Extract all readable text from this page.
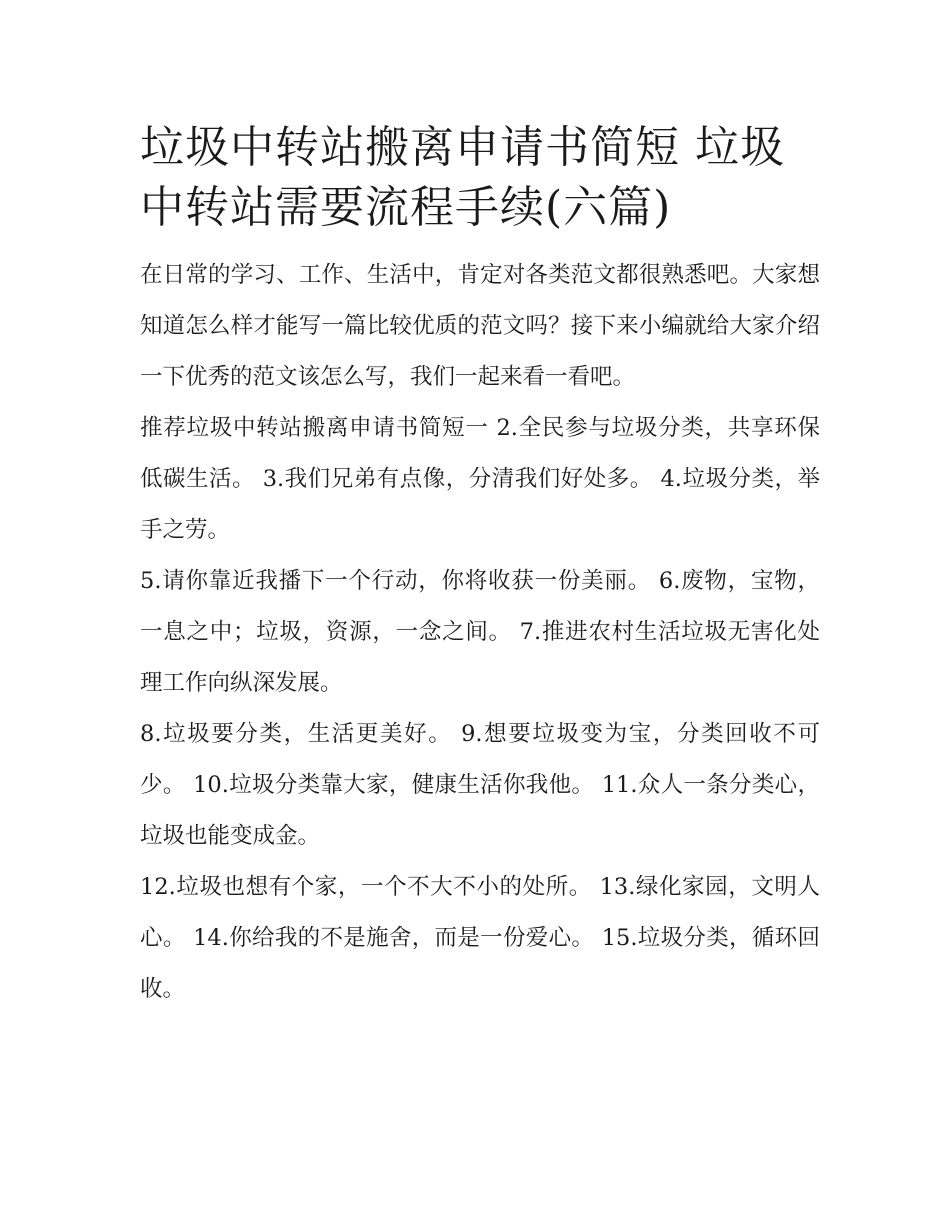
垃圾中转站搬离申请书简短 垃圾中转站需要流程手续(六篇)

在日常的学习、工作、生活中，肯定对各类范文都很熟悉吧。大家想知道怎么样才能写一篇比较优质的范文吗？接下来小编就给大家介绍一下优秀的范文该怎么写，我们一起来看一看吧。

推荐垃圾中转站搬离申请书简短一 2.全民参与垃圾分类，共享环保低碳生活。 3.我们兄弟有点像，分清我们好处多。 4.垃圾分类，举手之劳。

5.请你靠近我播下一个行动，你将收获一份美丽。 6.废物，宝物，一息之中；垃圾，资源，一念之间。 7.推进农村生活垃圾无害化处理工作向纵深发展。

8.垃圾要分类，生活更美好。 9.想要垃圾变为宝，分类回收不可少。 10.垃圾分类靠大家，健康生活你我他。 11.众人一条分类心，垃圾也能变成金。

12.垃圾也想有个家，一个不大不小的处所。 13.绿化家园，文明人心。 14.你给我的不是施舍，而是一份爱心。 15.垃圾分类，循环回收。
